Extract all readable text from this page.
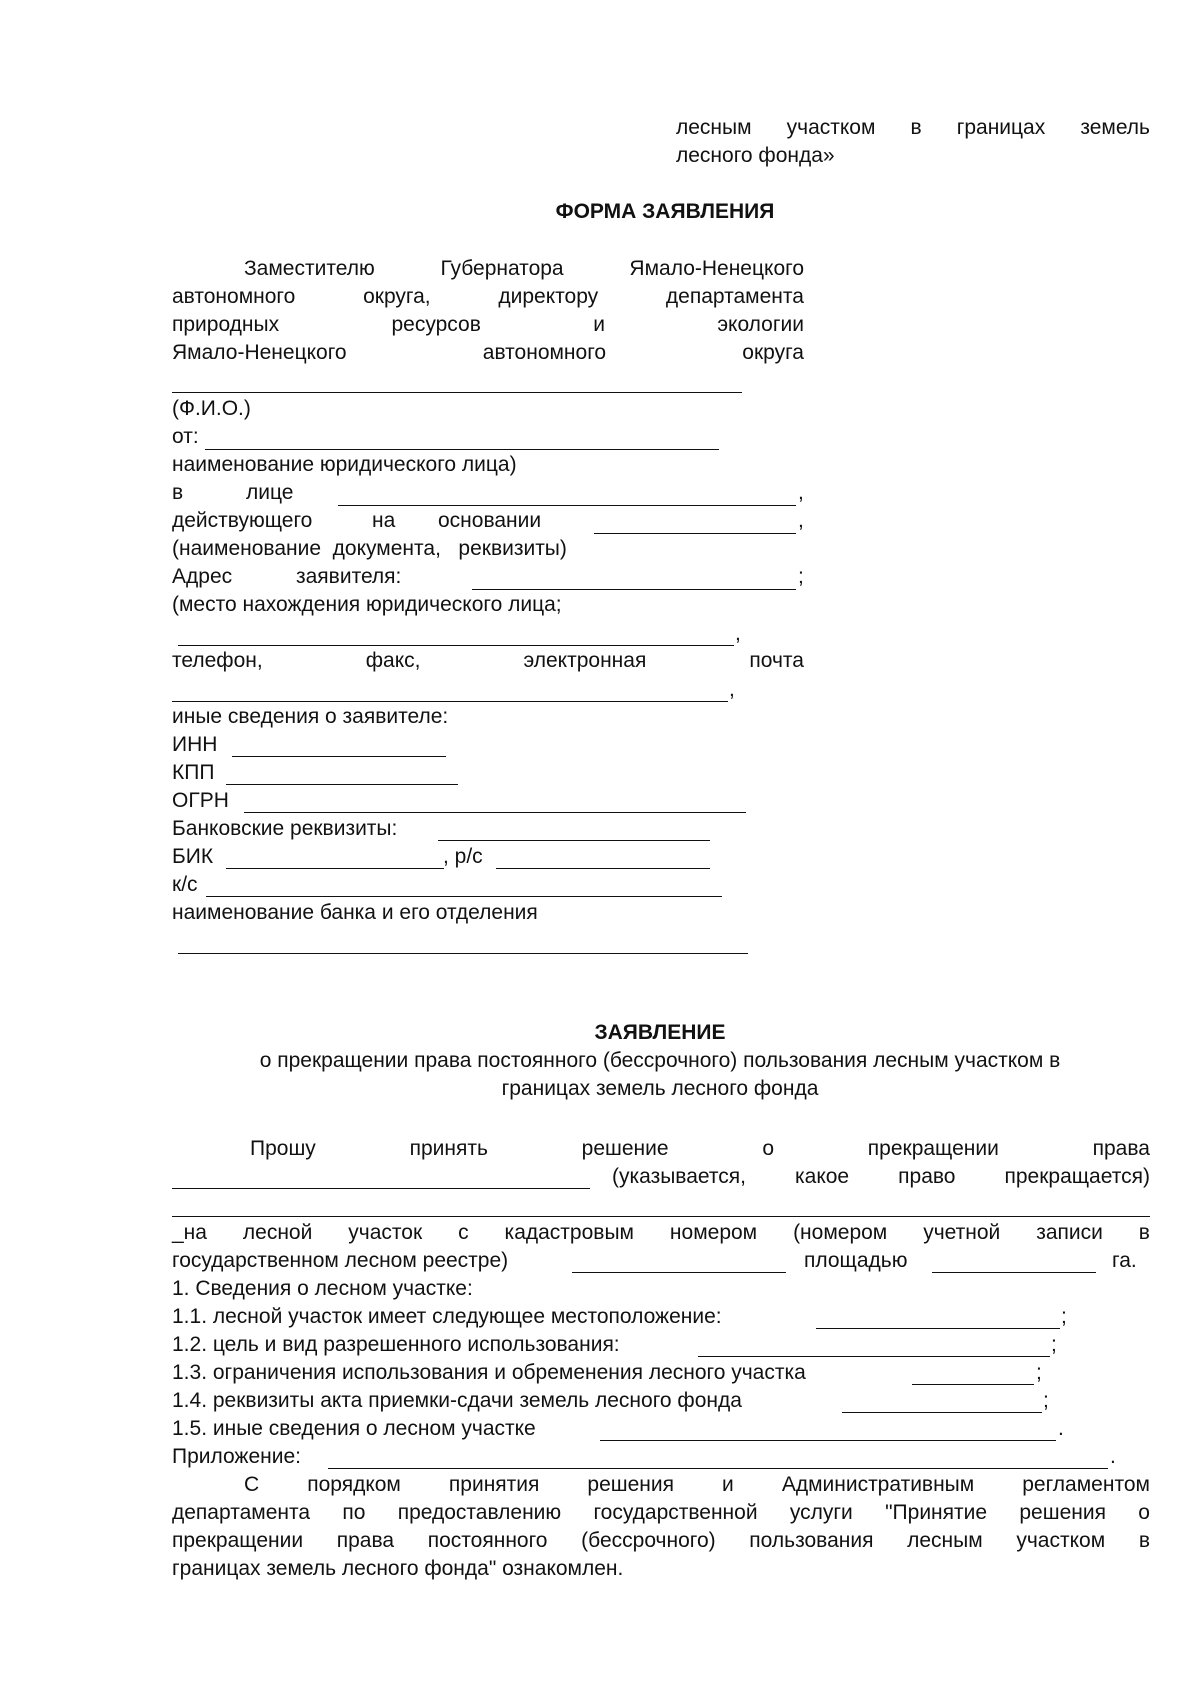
лесным участком в границах земель
лесного фонда»
ФОРМА ЗАЯВЛЕНИЯ
Заместителю	Губернатора	Ямало-Ненецкого
автономного	округа,	директору	департамента
природных	ресурсов	и	экологии
Ямало-Ненецкого	автономного	округа
(Ф.И.О.)
от:
наименование юридического лица)
в	лице	,
действующего	на основании	,
(наименование  документа,   реквизиты)
Адрес	заявителя:	;
(место нахождения юридического лица;
,
телефон,	факс,	электронная	почта
,
иные сведения о заявителе:
ИНН
КПП
ОГРН
Банковские реквизиты:
БИК	, р/с
к/с
наименование банка и его отделения
ЗАЯВЛЕНИЕ
о прекращении права постоянного (бессрочного) пользования лесным участком в
границах земель лесного фонда
Прошу	принять	решение	о	прекращении	права
(указывается, какое право прекращается)
_на лесной участок с кадастровым номером (номером учетной записи в
государственном лесном реестре)	площадью	га.
1. Сведения о лесном участке:
1.1. лесной участок имеет следующее местоположение:	;
1.2. цель и вид разрешенного использования:	;
1.3. ограничения использования и обременения лесного участка	;
1.4. реквизиты акта приемки-сдачи земель лесного фонда	;
1.5. иные сведения о лесном участке	.
Приложение:	.
С порядком принятия решения и Административным регламентом
департамента по предоставлению государственной услуги "Принятие решения о
прекращении права постоянного (бессрочного) пользования лесным участком в
границах земель лесного фонда" ознакомлен.
